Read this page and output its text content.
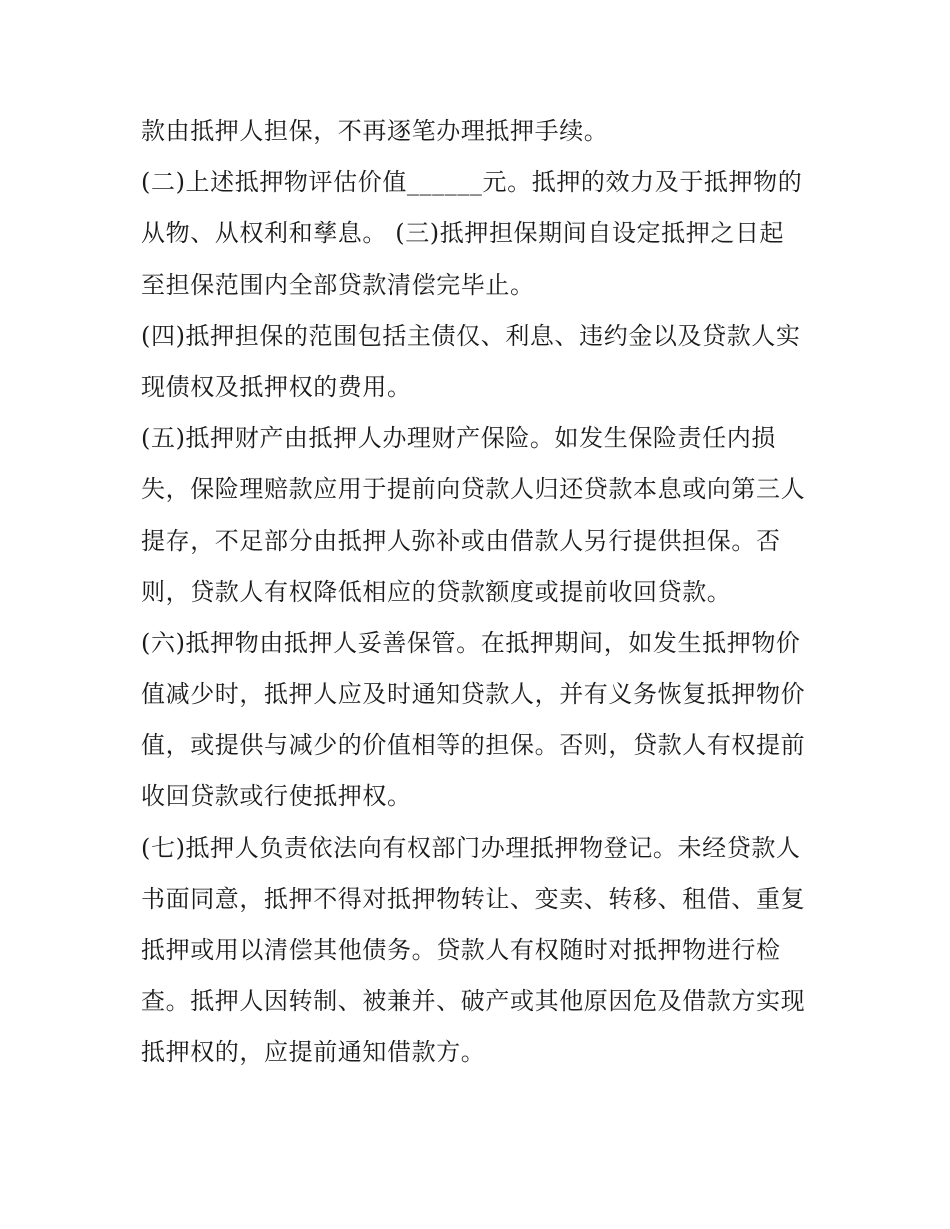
款由抵押人担保，不再逐笔办理抵押手续。
(二)上述抵押物评估价值______元。抵押的效力及于抵押物的
从物、从权利和孳息。 (三)抵押担保期间自设定抵押之日起
至担保范围内全部贷款清偿完毕止。
(四)抵押担保的范围包括主债仅、利息、违约金以及贷款人实
现债权及抵押权的费用。
(五)抵押财产由抵押人办理财产保险。如发生保险责任内损
失，保险理赔款应用于提前向贷款人归还贷款本息或向第三人
提存，不足部分由抵押人弥补或由借款人另行提供担保。否
则，贷款人有权降低相应的贷款额度或提前收回贷款。
(六)抵押物由抵押人妥善保管。在抵押期间，如发生抵押物价
值减少时，抵押人应及时通知贷款人，并有义务恢复抵押物价
值，或提供与减少的价值相等的担保。否则，贷款人有权提前
收回贷款或行使抵押权。
(七)抵押人负责依法向有权部门办理抵押物登记。未经贷款人
书面同意，抵押不得对抵押物转让、变卖、转移、租借、重复
抵押或用以清偿其他债务。贷款人有权随时对抵押物进行检
查。抵押人因转制、被兼并、破产或其他原因危及借款方实现
抵押权的，应提前通知借款方。
